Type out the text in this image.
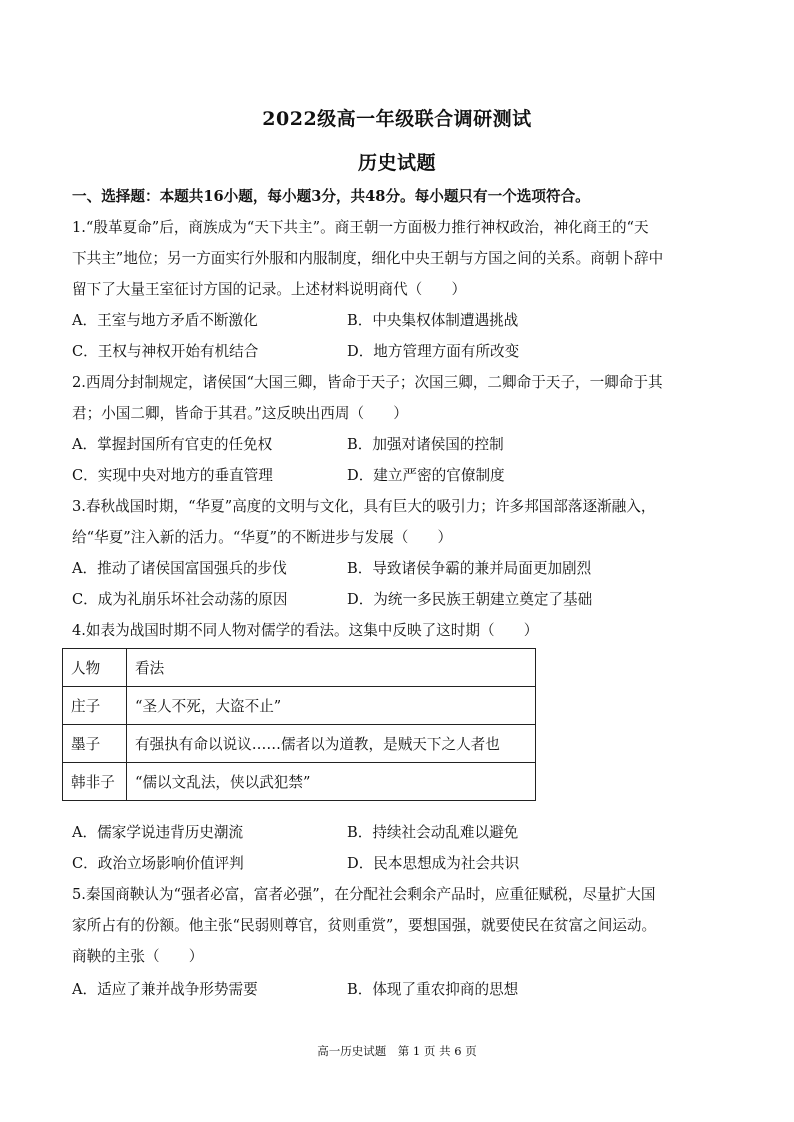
2022级高一年级联合调研测试
历史试题
一、选择题：本题共16小题，每小题3分，共48分。每小题只有一个选项符合。
1.“殷革夏命”后，商族成为“天下共主”。商王朝一方面极力推行神权政治，神化商王的“天
下共主”地位；另一方面实行外服和内服制度，细化中央王朝与方国之间的关系。商朝卜辞中
留下了大量王室征讨方国的记录。上述材料说明商代（　　）
A．王室与地方矛盾不断激化	B．中央集权体制遭遇挑战
C．王权与神权开始有机结合	D．地方管理方面有所改变
2.西周分封制规定，诸侯国“大国三卿，皆命于天子；次国三卿，二卿命于天子，一卿命于其
君；小国二卿，皆命于其君。”这反映出西周（　　）
A．掌握封国所有官吏的任免权	B．加强对诸侯国的控制
C．实现中央对地方的垂直管理	D．建立严密的官僚制度
3.春秋战国时期，“华夏”高度的文明与文化，具有巨大的吸引力；许多邦国部落逐渐融入，
给“华夏”注入新的活力。“华夏”的不断进步与发展（　　）
A．推动了诸侯国富国强兵的步伐	B．导致诸侯争霸的兼并局面更加剧烈
C．成为礼崩乐坏社会动荡的原因	D．为统一多民族王朝建立奠定了基础
4.如表为战国时期不同人物对儒学的看法。这集中反映了这时期（　　）
人物	看法
庄子	“圣人不死，大盗不止”
墨子	有强执有命以说议……儒者以为道教，是贼天下之人者也
韩非子	“儒以文乱法，侠以武犯禁”
A．儒家学说违背历史潮流	B．持续社会动乱难以避免
C．政治立场影响价值评判	D．民本思想成为社会共识
5.秦国商鞅认为“强者必富，富者必强”，在分配社会剩余产品时，应重征赋税，尽量扩大国
家所占有的份额。他主张“民弱则尊官，贫则重赏”，要想国强，就要使民在贫富之间运动。
商鞅的主张（　　）
A．适应了兼并战争形势需要	B．体现了重农抑商的思想
高一历史试题　第 1 页 共 6 页
